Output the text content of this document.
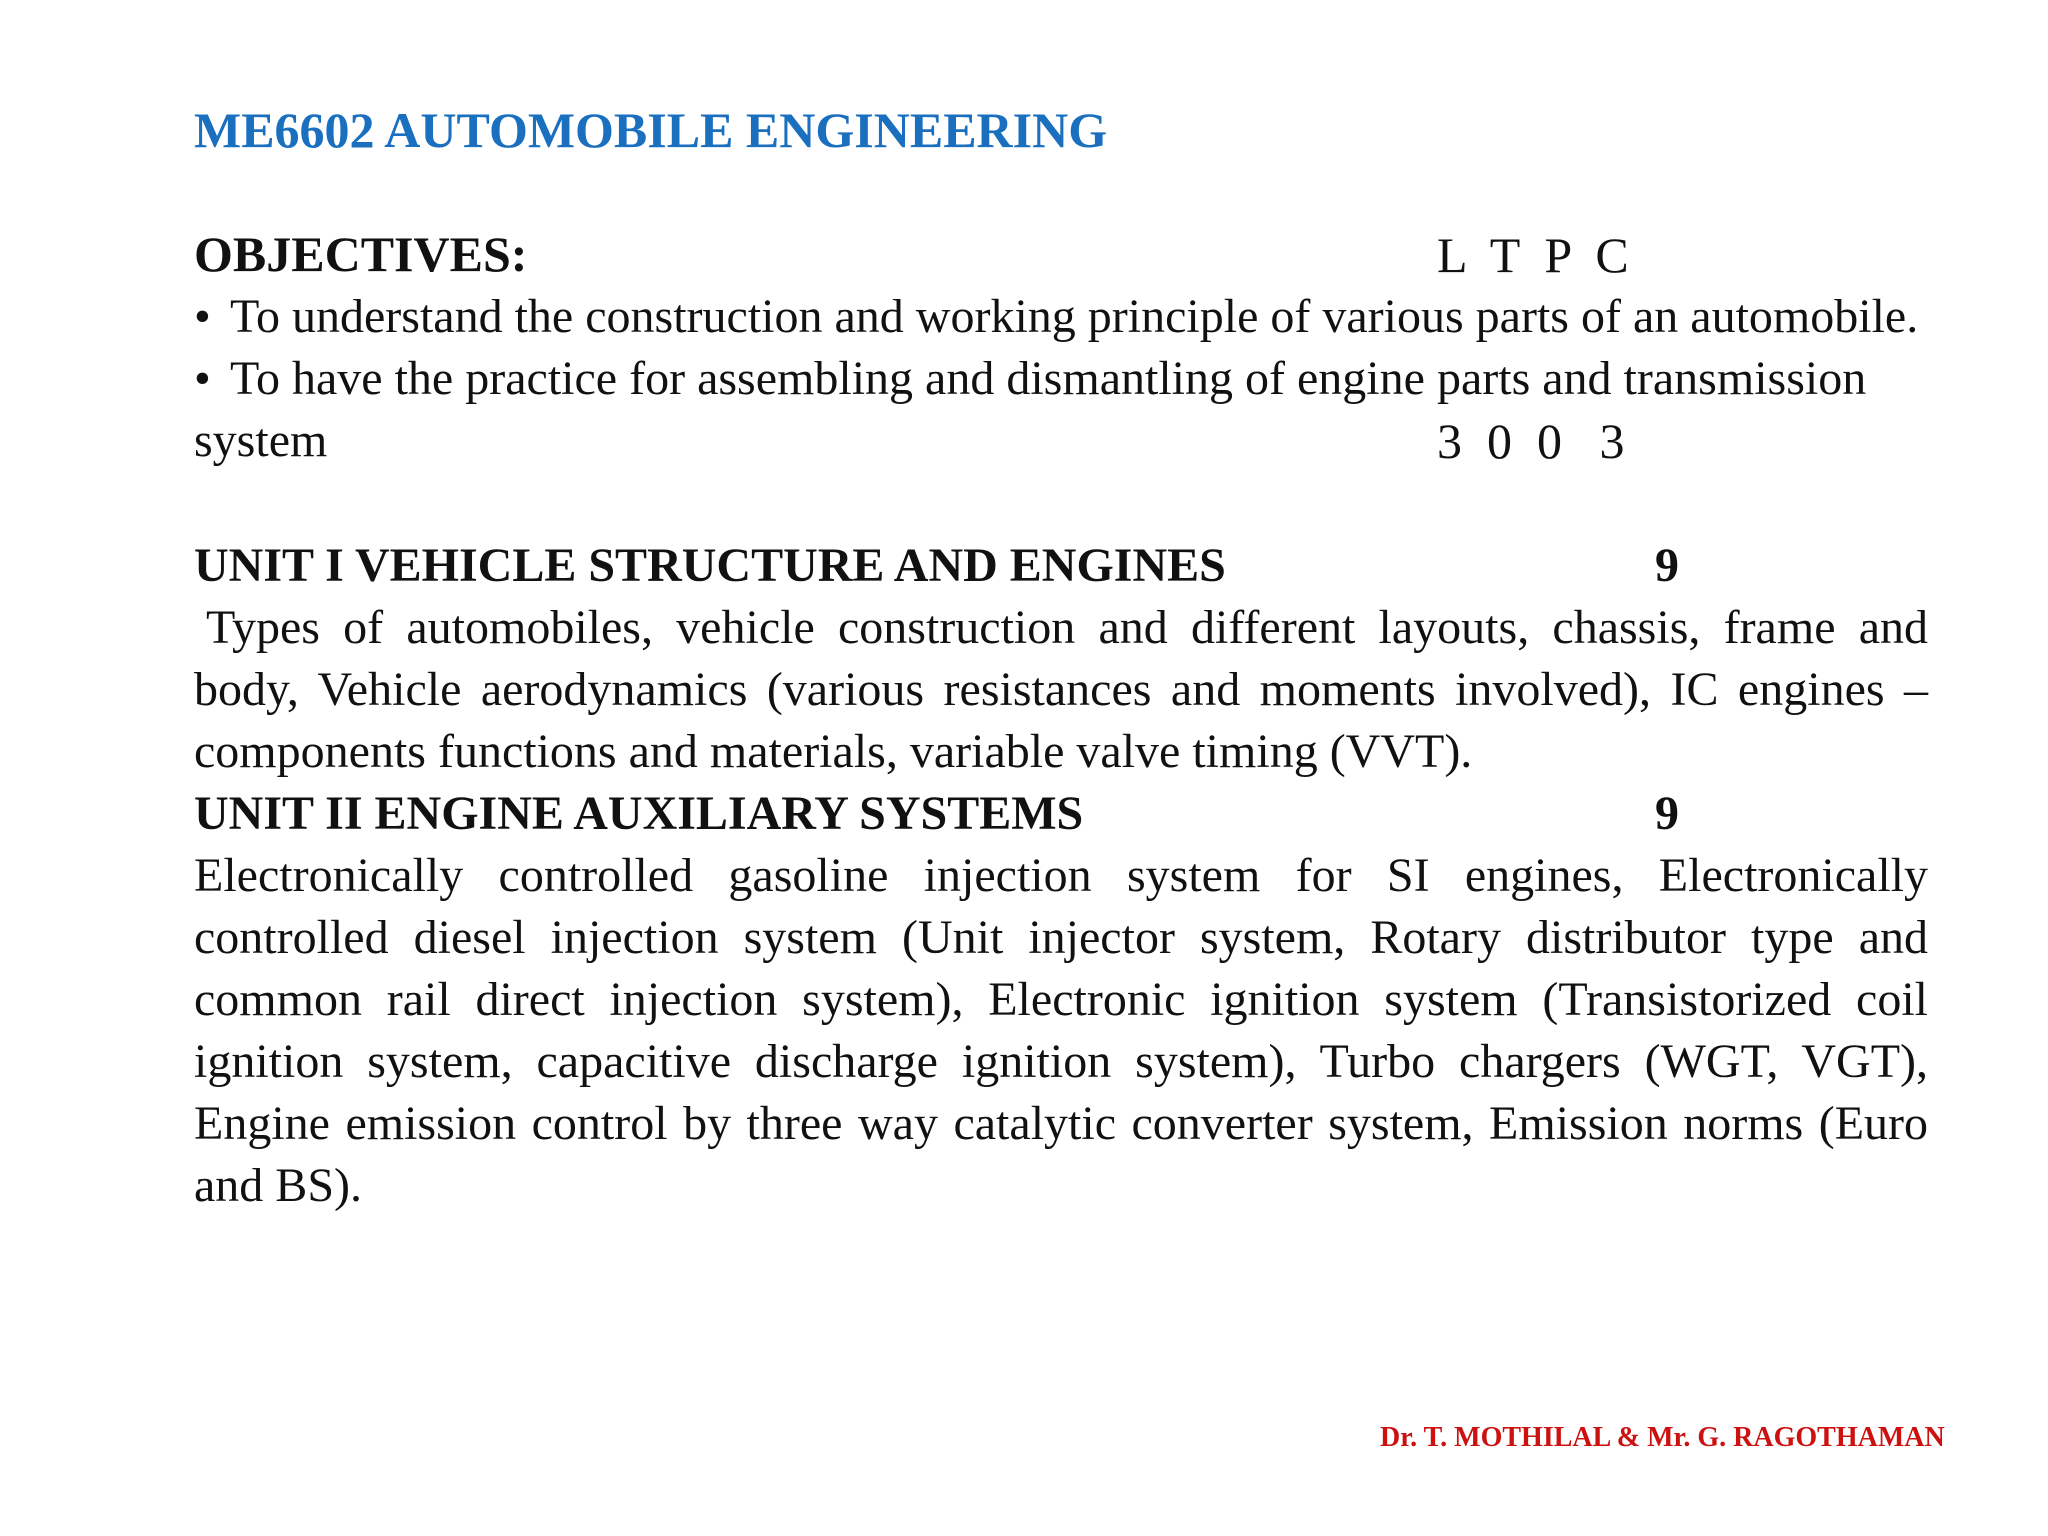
ME6602 AUTOMOBILE ENGINEERING

L  T  P  C

3  0  0   3

OBJECTIVES:
• To understand the construction and working principle of various parts of an automobile.
• To have the practice for assembling and dismantling of engine parts and transmission system
UNIT I VEHICLE STRUCTURE AND ENGINES	9
Types of automobiles, vehicle construction and different layouts, chassis, frame and body, Vehicle aerodynamics (various resistances and moments involved), IC engines –components functions and materials, variable valve timing (VVT).
UNIT II ENGINE AUXILIARY SYSTEMS	9
Electronically controlled gasoline injection system for SI engines, Electronically controlled diesel injection system (Unit injector system, Rotary distributor type and common rail direct injection system), Electronic ignition system (Transistorized coil ignition system, capacitive discharge ignition system), Turbo chargers (WGT, VGT), Engine emission control by three way catalytic converter system, Emission norms (Euro and BS).
Dr. T. MOTHILAL & Mr. G. RAGOTHAMAN
